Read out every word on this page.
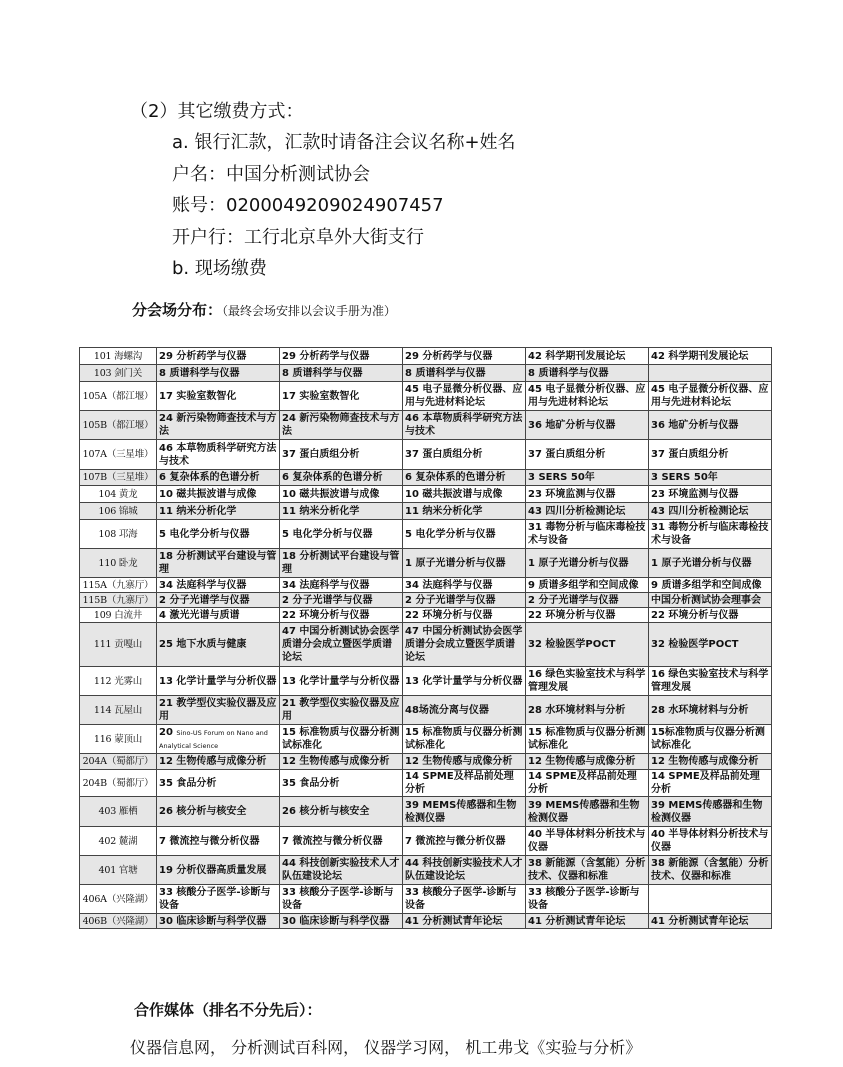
（2）其它缴费方式：
a. 银行汇款，汇款时请备注会议名称+姓名
户名：中国分析测试协会
账号：0200049209024907457
开户行：工行北京阜外大街支行
b. 现场缴费
分会场分布：（最终会场安排以会议手册为准）
101 海螺沟	29 分析药学与仪器	29 分析药学与仪器	29 分析药学与仪器	42 科学期刊发展论坛	42 科学期刊发展论坛
103 剑门关	8 质谱科学与仪器	8 质谱科学与仪器	8 质谱科学与仪器	8 质谱科学与仪器	
105A（都江堰）	17 实验室数智化	17 实验室数智化	45 电子显微分析仪器、应用与先进材料论坛	45 电子显微分析仪器、应用与先进材料论坛	45 电子显微分析仪器、应用与先进材料论坛
105B（都江堰）	24 新污染物筛查技术与方法	24 新污染物筛查技术与方法	46 本草物质科学研究方法与技术	36 地矿分析与仪器	36 地矿分析与仪器
107A（三星堆）	46 本草物质科学研究方法与技术	37 蛋白质组分析	37 蛋白质组分析	37 蛋白质组分析	37 蛋白质组分析
107B（三星堆）	6 复杂体系的色谱分析	6 复杂体系的色谱分析	6 复杂体系的色谱分析	3 SERS 50年	3 SERS 50年
104 黄龙	10 磁共振波谱与成像	10 磁共振波谱与成像	10 磁共振波谱与成像	23 环境监测与仪器	23 环境监测与仪器
106 锦城	11 纳米分析化学	11 纳米分析化学	11 纳米分析化学	43 四川分析检测论坛	43 四川分析检测论坛
108 邛海	5 电化学分析与仪器	5 电化学分析与仪器	5 电化学分析与仪器	31 毒物分析与临床毒检技术与设备	31 毒物分析与临床毒检技术与设备
110 卧龙	18 分析测试平台建设与管理	18 分析测试平台建设与管理	1 原子光谱分析与仪器	1 原子光谱分析与仪器	1 原子光谱分析与仪器
115A（九寨厅）	34 法庭科学与仪器	34 法庭科学与仪器	34 法庭科学与仪器	9 质谱多组学和空间成像	9 质谱多组学和空间成像
115B（九寨厅）	2 分子光谱学与仪器	2 分子光谱学与仪器	2 分子光谱学与仪器	2 分子光谱学与仪器	中国分析测试协会理事会
109 白流井	4 激光光谱与质谱	22 环境分析与仪器	22 环境分析与仪器	22 环境分析与仪器	22 环境分析与仪器
111 贡嘎山	25 地下水质与健康	47 中国分析测试协会医学质谱分会成立暨医学质谱论坛	47 中国分析测试协会医学质谱分会成立暨医学质谱论坛	32 检验医学POCT	32 检验医学POCT
112 光雾山	13 化学计量学与分析仪器	13 化学计量学与分析仪器	13 化学计量学与分析仪器	16 绿色实验室技术与科学管理发展	16 绿色实验室技术与科学管理发展
114 瓦屋山	21 教学型仪实验仪器及应用	21 教学型仪实验仪器及应用	48场流分离与仪器	28 水环境材料与分析	28 水环境材料与分析
116 蒙顶山	20 Sino-US Forum on Nano and Analytical Science	15 标准物质与仪器分析测试标准化	15 标准物质与仪器分析测试标准化	15 标准物质与仪器分析测试标准化	15标准物质与仪器分析测试标准化
204A（蜀都厅）	12 生物传感与成像分析	12 生物传感与成像分析	12 生物传感与成像分析	12 生物传感与成像分析	12 生物传感与成像分析
204B（蜀都厅）	35 食品分析	35 食品分析	14 SPME及样品前处理分析	14 SPME及样品前处理分析	14 SPME及样品前处理分析
403 雁栖	26 核分析与核安全	26 核分析与核安全	39 MEMS传感器和生物检测仪器	39 MEMS传感器和生物检测仪器	39 MEMS传感器和生物检测仪器
402 麓湖	7 微流控与微分析仪器	7 微流控与微分析仪器	7 微流控与微分析仪器	40 半导体材料分析技术与仪器	40 半导体材料分析技术与仪器
401 官塘	19 分析仪器高质量发展	44 科技创新实验技术人才队伍建设论坛	44 科技创新实验技术人才队伍建设论坛	38 新能源（含氢能）分析技术、仪器和标准	38 新能源（含氢能）分析技术、仪器和标准
406A（兴隆湖）	33 核酸分子医学-诊断与设备	33 核酸分子医学-诊断与设备	33 核酸分子医学-诊断与设备	33 核酸分子医学-诊断与设备	
406B（兴隆湖）	30 临床诊断与科学仪器	30 临床诊断与科学仪器	41 分析测试青年论坛	41 分析测试青年论坛	41 分析测试青年论坛
合作媒体（排名不分先后）：
仪器信息网， 分析测试百科网， 仪器学习网， 机工弗戈《实验与分析》
